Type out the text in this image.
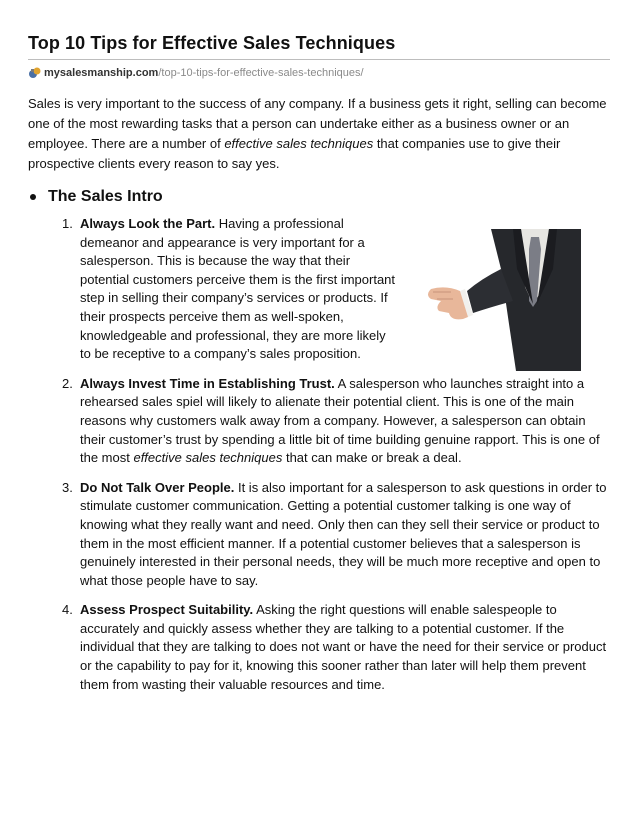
Top 10 Tips for Effective Sales Techniques
mysalesmanship.com /top-10-tips-for-effective-sales-techniques/

Sales is very important to the success of any company. If a business gets it right, selling can become one of the most rewarding tasks that a person can undertake either as a business owner or an employee. There are a number of effective sales techniques that companies use to give their prospective clients every reason to say yes.

The Sales Intro
1. Always Look the Part. Having a professional demeanor and appearance is very important for a salesperson. This is because the way that their potential customers perceive them is the first important step in selling their company’s services or products. If their prospects perceive them as well-spoken, knowledgeable and professional, they are more likely to be receptive to a company’s sales proposition.
2. Always Invest Time in Establishing Trust. A salesperson who launches straight into a rehearsed sales spiel will likely to alienate their potential client. This is one of the main reasons why customers walk away from a company. However, a salesperson can obtain their customer’s trust by spending a little bit of time building genuine rapport. This is one of the most effective sales techniques that can make or break a deal.
3. Do Not Talk Over People. It is also important for a salesperson to ask questions in order to stimulate customer communication. Getting a potential customer talking is one way of knowing what they really want and need. Only then can they sell their service or product to them in the most efficient manner. If a potential customer believes that a salesperson is genuinely interested in their personal needs, they will be much more receptive and open to what those people have to say.
4. Assess Prospect Suitability. Asking the right questions will enable salespeople to accurately and quickly assess whether they are talking to a potential customer. If the individual that they are talking to does not want or have the need for their service or product or the capability to pay for it, knowing this sooner rather than later will help them prevent them from wasting their valuable resources and time.
